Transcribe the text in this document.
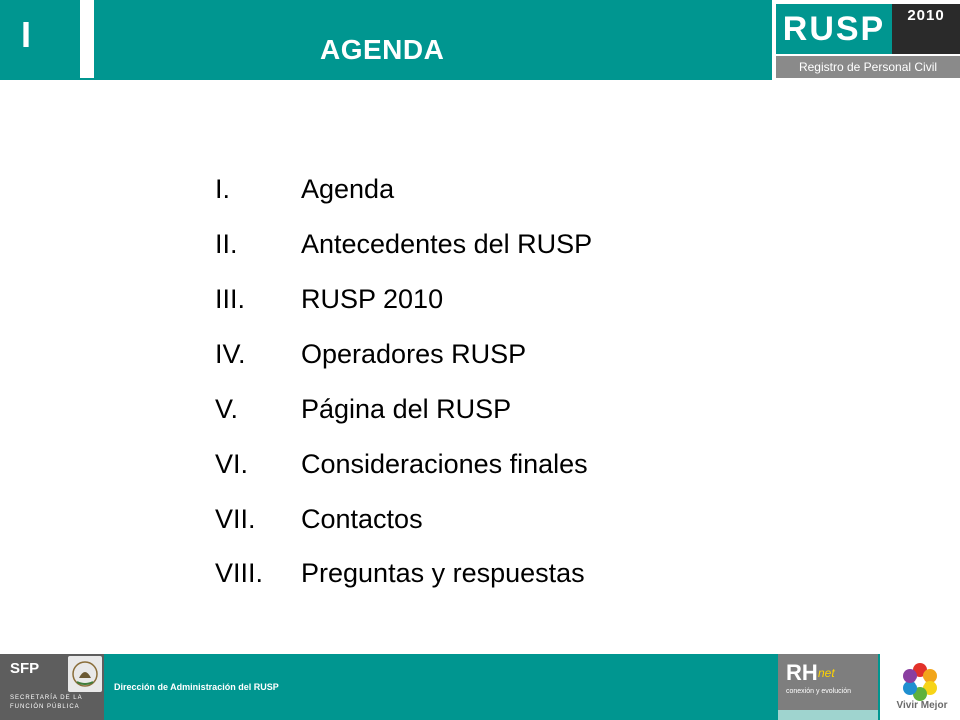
I	AGENDA
RUSP	2010
Registro de Personal Civil
I.	Agenda
II. Antecedentes del RUSP
III. RUSP 2010
IV. Operadores RUSP
V. Página del RUSP
VI. Consideraciones finales
VII. Contactos
VIII. Preguntas y respuestas
SFP
SECRETARÍA DE LA
FUNCIÓN PÚBLICA
Dirección de Administración del RUSP
RH net
conexión y evolución
Vivir Mejor
